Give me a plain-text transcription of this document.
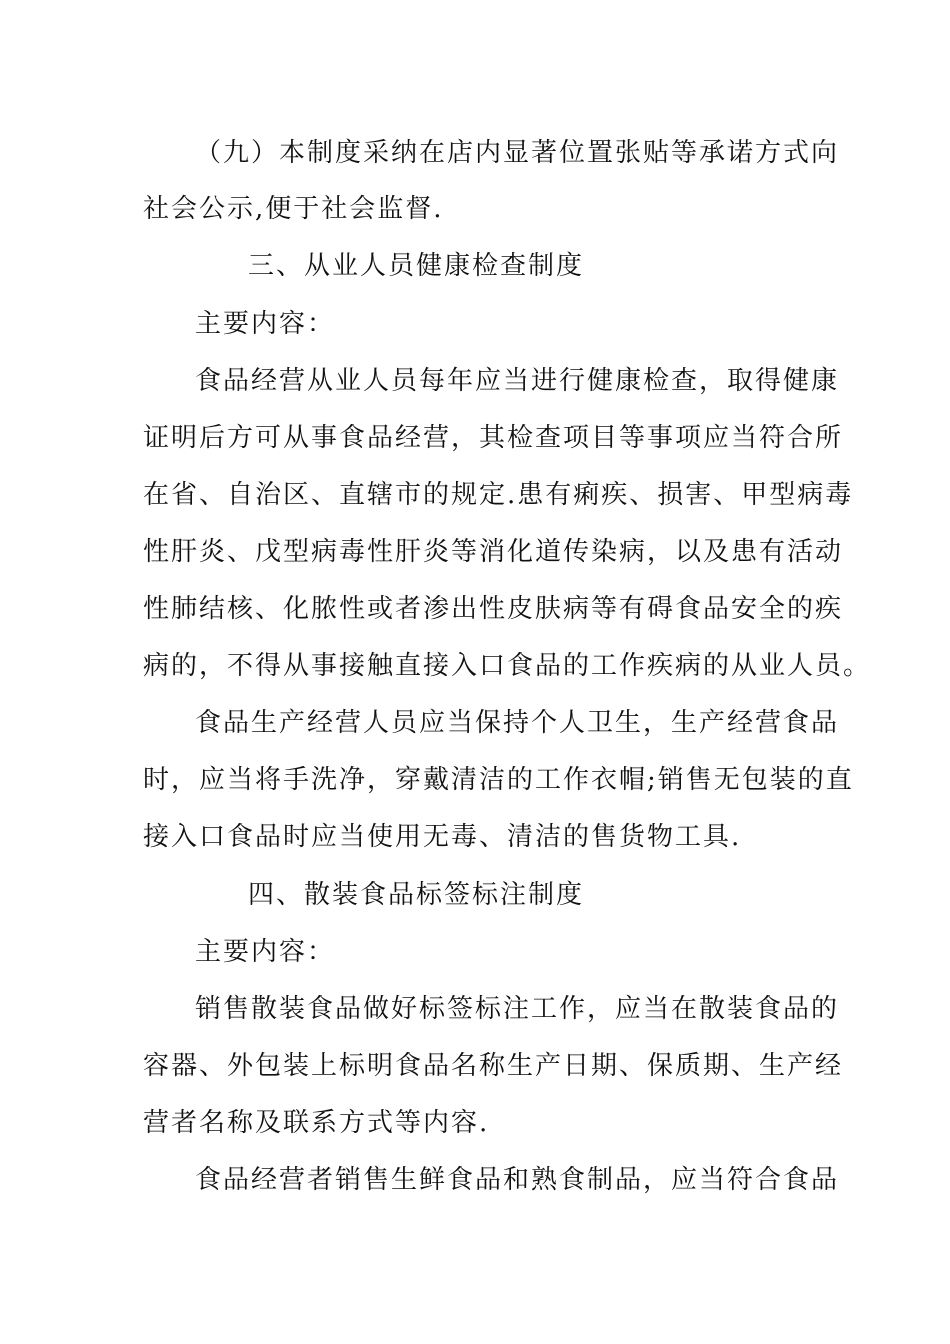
（九）本制度采纳在店内显著位置张贴等承诺方式向
社会公示,便于社会监督.
三、从业人员健康检查制度
主要内容：
食品经营从业人员每年应当进行健康检查，取得健康
证明后方可从事食品经营，其检查项目等事项应当符合所
在省、自治区、直辖市的规定.患有痢疾、损害、甲型病毒
性肝炎、戊型病毒性肝炎等消化道传染病，以及患有活动
性肺结核、化脓性或者渗出性皮肤病等有碍食品安全的疾
病的，不得从事接触直接入口食品的工作疾病的从业人员。
食品生产经营人员应当保持个人卫生，生产经营食品
时，应当将手洗净，穿戴清洁的工作衣帽;销售无包装的直
接入口食品时应当使用无毒、清洁的售货物工具.
四、散装食品标签标注制度
主要内容：
销售散装食品做好标签标注工作，应当在散装食品的
容器、外包装上标明食品名称生产日期、保质期、生产经
营者名称及联系方式等内容.
食品经营者销售生鲜食品和熟食制品，应当符合食品
